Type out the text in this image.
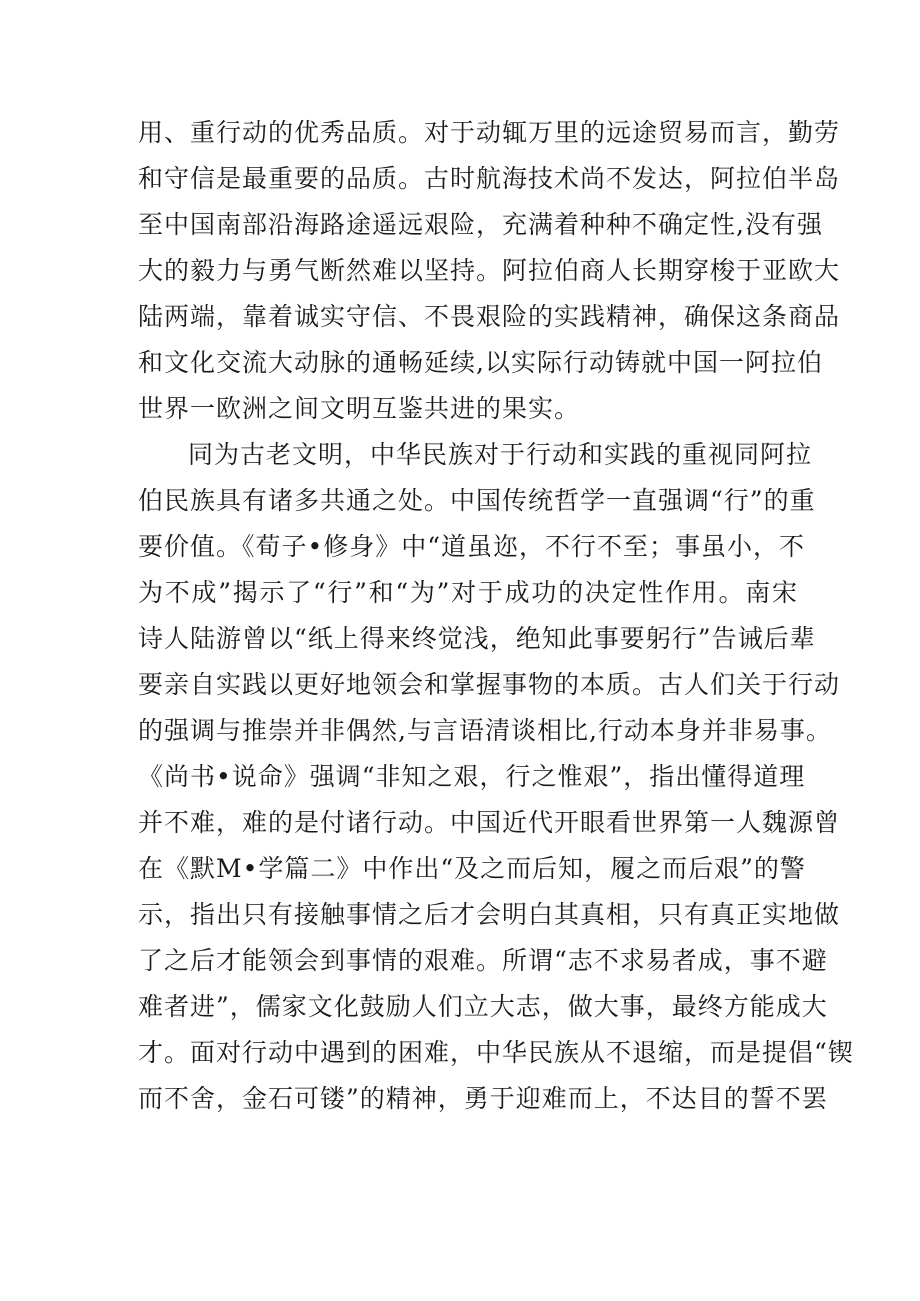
用、重行动的优秀品质。对于动辄万里的远途贸易而言，勤劳
和守信是最重要的品质。古时航海技术尚不发达，阿拉伯半岛
至中国南部沿海路途遥远艰险，充满着种种不确定性,没有强
大的毅力与勇气断然难以坚持。阿拉伯商人长期穿梭于亚欧大
陆两端，靠着诚实守信、不畏艰险的实践精神，确保这条商品
和文化交流大动脉的通畅延续,以实际行动铸就中国一阿拉伯
世界一欧洲之间文明互鉴共进的果实。
同为古老文明，中华民族对于行动和实践的重视同阿拉
伯民族具有诸多共通之处。中国传统哲学一直强调“行”的重
要价值。《荀子•修身》中“道虽迩，不行不至；事虽小，不
为不成”揭示了“行”和“为”对于成功的决定性作用。南宋
诗人陆游曾以“纸上得来终觉浅，绝知此事要躬行”告诫后辈
要亲自实践以更好地领会和掌握事物的本质。古人们关于行动
的强调与推崇并非偶然,与言语清谈相比,行动本身并非易事。
《尚书•说命》强调“非知之艰，行之惟艰”，指出懂得道理
并不难，难的是付诸行动。中国近代开眼看世界第一人魏源曾
在《默M•学篇二》中作出“及之而后知，履之而后艰”的警
示，指出只有接触事情之后才会明白其真相，只有真正实地做
了之后才能领会到事情的艰难。所谓“志不求易者成，事不避
难者进”，儒家文化鼓励人们立大志，做大事，最终方能成大
才。面对行动中遇到的困难，中华民族从不退缩，而是提倡“锲
而不舍，金石可镂”的精神，勇于迎难而上，不达目的誓不罢
